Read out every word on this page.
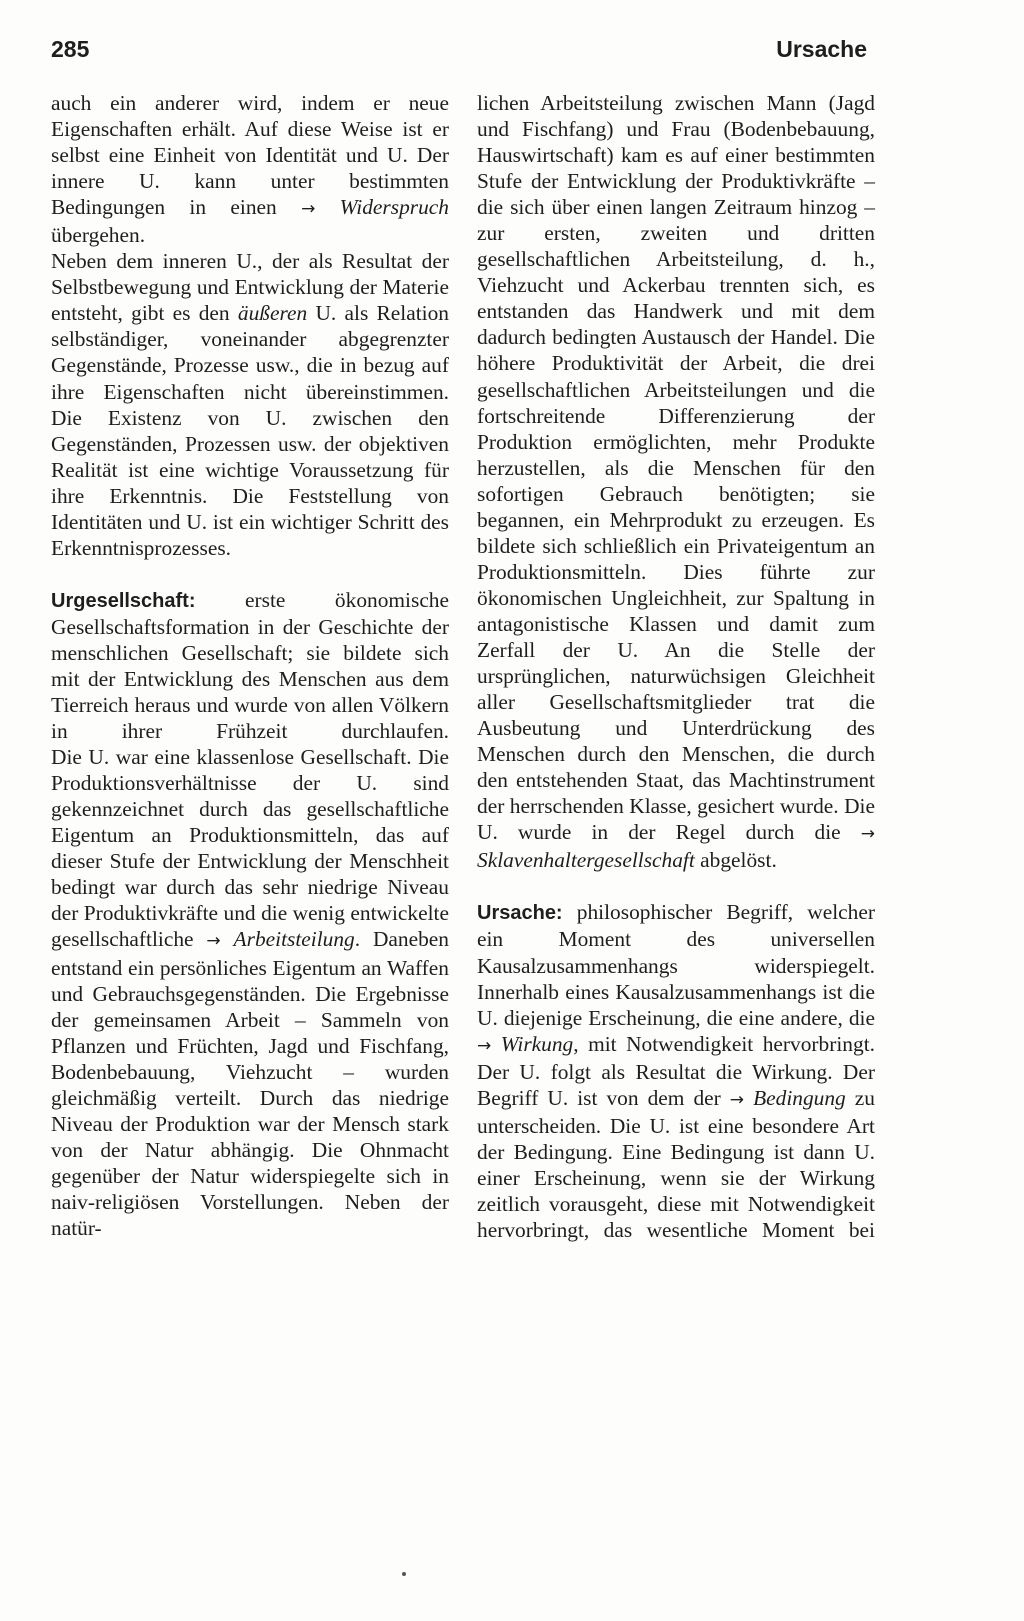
285	Ursache

auch ein anderer wird, indem er neue Eigenschaften erhält. Auf diese Weise ist er selbst eine Einheit von Identität und U. Der innere U. kann unter bestimmten Bedingungen in einen → Widerspruch übergehen.

Neben dem inneren U., der als Resultat der Selbstbewegung und Entwicklung der Materie entsteht, gibt es den äußeren U. als Relation selbständiger, voneinander abgegrenzter Gegenstände, Prozesse usw., die in bezug auf ihre Eigenschaften nicht übereinstimmen.

Die Existenz von U. zwischen den Gegenständen, Prozessen usw. der objektiven Realität ist eine wichtige Voraussetzung für ihre Erkenntnis. Die Feststellung von Identitäten und U. ist ein wichtiger Schritt des Erkenntnisprozesses.

Urgesellschaft: erste ökonomische Gesellschaftsformation in der Geschichte der menschlichen Gesellschaft; sie bildete sich mit der Entwicklung des Menschen aus dem Tierreich heraus und wurde von allen Völkern in ihrer Frühzeit durchlaufen.

Die U. war eine klassenlose Gesellschaft. Die Produktionsverhältnisse der U. sind gekennzeichnet durch das gesellschaftliche Eigentum an Produktionsmitteln, das auf dieser Stufe der Entwicklung der Menschheit bedingt war durch das sehr niedrige Niveau der Produktivkräfte und die wenig entwickelte gesellschaftliche → Arbeitsteilung. Daneben entstand ein persönliches Eigentum an Waffen und Gebrauchsgegenständen. Die Ergebnisse der gemeinsamen Arbeit – Sammeln von Pflanzen und Früchten, Jagd und Fischfang, Bodenbebauung, Viehzucht – wurden gleichmäßig verteilt. Durch das niedrige Niveau der Produktion war der Mensch stark von der Natur abhängig. Die Ohnmacht gegenüber der Natur widerspiegelte sich in naiv-religiösen Vorstellungen. Neben der natür-

lichen Arbeitsteilung zwischen Mann (Jagd und Fischfang) und Frau (Bodenbebauung, Hauswirtschaft) kam es auf einer bestimmten Stufe der Entwicklung der Produktivkräfte – die sich über einen langen Zeitraum hinzog – zur ersten, zweiten und dritten gesellschaftlichen Arbeitsteilung, d. h., Viehzucht und Ackerbau trennten sich, es entstanden das Handwerk und mit dem dadurch bedingten Austausch der Handel. Die höhere Produktivität der Arbeit, die drei gesellschaftlichen Arbeitsteilungen und die fortschreitende Differenzierung der Produktion ermöglichten, mehr Produkte herzustellen, als die Menschen für den sofortigen Gebrauch benötigten; sie begannen, ein Mehrprodukt zu erzeugen. Es bildete sich schließlich ein Privateigentum an Produktionsmitteln. Dies führte zur ökonomischen Ungleichheit, zur Spaltung in antagonistische Klassen und damit zum Zerfall der U. An die Stelle der ursprünglichen, naturwüchsigen Gleichheit aller Gesellschaftsmitglieder trat die Ausbeutung und Unterdrückung des Menschen durch den Menschen, die durch den entstehenden Staat, das Machtinstrument der herrschenden Klasse, gesichert wurde. Die U. wurde in der Regel durch die → Sklavenhaltergesellschaft abgelöst.

Ursache: philosophischer Begriff, welcher ein Moment des universellen Kausalzusammenhangs widerspiegelt. Innerhalb eines Kausalzusammenhangs ist die U. diejenige Erscheinung, die eine andere, die → Wirkung, mit Notwendigkeit hervorbringt. Der U. folgt als Resultat die Wirkung. Der Begriff U. ist von dem der → Bedingung zu unterscheiden. Die U. ist eine besondere Art der Bedingung. Eine Bedingung ist dann U. einer Erscheinung, wenn sie der Wirkung zeitlich vorausgeht, diese mit Notwendigkeit hervorbringt, das wesentliche Moment bei
